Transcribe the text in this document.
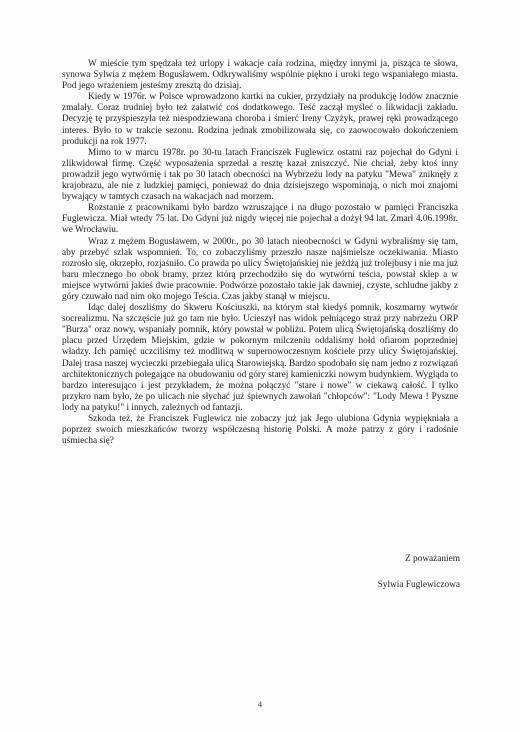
W mieście tym spędzała też urlopy i wakacje cała rodzina, między innymi ja, pisząca te słowa, synowa Sylwia z mężem Bogusławem. Odkrywaliśmy wspólnie piękno i uroki tego wspaniałego miasta. Pod jego wrażeniem jesteśmy zresztą do dzisiaj.

Kiedy w 1976r. w Polsce wprowadzono kartki na cukier, przydziały na produkcję lodów znacznie zmalały. Coraz trudniej było też załatwić coś dodatkowego. Teść zaczął myśleć o likwidacji zakładu. Decyzję tę przyśpieszyła też niespodziewana choroba i śmierć Ireny Czyżyk, prawej ręki prowadzącego interes. Było to w trakcie sezonu. Rodzina jednak zmobilizowała się, co zaowocowało dokończeniem produkcji na rok 1977.

Mimo to w marcu 1978r. po 30-tu latach Franciszek Fuglewicz ostatni raz pojechał do Gdyni i zlikwidował firmę. Część wyposażenia sprzedał a resztę kazał zniszczyć. Nie chciał, żeby ktoś inny prowadził jego wytwórnię i tak po 30 latach obecności na Wybrzeżu lody na patyku "Mewa" zniknęły z krajobrazu, ale nie z ludzkiej pamięci, ponieważ do dnia dzisiejszego wspominają, o nich moi znajomi bywający w tamtych czasach na wakacjach nad morzem.

Rozstanie z pracownikami było bardzo wzruszające i na długo pozostało w pamięci Franciszka Fuglewicza. Miał wtedy 75 lat. Do Gdyni już nigdy więcej nie pojechał a dożył 94 lat. Zmarł 4.06.1998r. we Wrocławiu.

Wraz z mężem Bogusławem, w 2000r., po 30 latach nieobecności w Gdyni wybraliśmy się tam, aby przebyć szlak wspomnień. To, co zobaczyliśmy przeszło nasze najśmielsze oczekiwania. Miasto rozrosło się, okrzepło, rozjaśniło. Co prawda po ulicy Świętojańskiej nie jeżdżą już trolejbusy i nie ma już baru mlecznego bo obok bramy, przez którą przechodziło się do wytwórni teścia, powstał sklep a w miejsce wytwórni jakieś dwie pracownie. Podwórze pozostało takie jak dawniej, czyste, schludne jakby z góry czuwało nad nim oko mojego Teścia. Czas jakby stanął w miejscu.

Idąc dalej doszliśmy do Skweru Kościuszki, na którym stał kiedyś pomnik, koszmarny wytwór socrealizmu. Na szczęście już go tam nie było. Ucieszył nas widok pełniącego straż przy nabrzeżu ORP "Burza" oraz nowy, wspaniały pomnik, który powstał w pobliżu. Potem ulicą Świętojańską doszliśmy do placu przed Urzędem Miejskim, gdzie w pokornym milczeniu oddaliśmy hołd ofiarom poprzedniej władzy. Ich pamięć uczciliśmy też modlitwą w supernowoczesnym kościele przy ulicy Świętojańskiej. Dalej trasa naszej wycieczki przebiegała ulicą Starowiejską. Bardzo spodobało się nam jedno z rozwiązań architektonicznych polegające na obudowaniu od góry starej kamieniczki nowym budynkiem. Wygląda to bardzo interesująco i jest przykładem, że można połączyć "stare i nowe" w ciekawą całość. I tylko przykro nam było, że po ulicach nie słychać już śpiewnych zawołań "chłopców": "Lody Mewa ! Pyszne lody na patyku!" i innych, zależnych od fantazji.

Szkoda też, że Franciszek Fuglewicz nie zobaczy już jak Jego ulubiona Gdynia wypiękniała a poprzez swoich mieszkańców tworzy współczesną historię Polski. A może patrzy z góry i radośnie uśmiecha się?

Z poważaniem
Sylwia Fuglewiczowa
4
